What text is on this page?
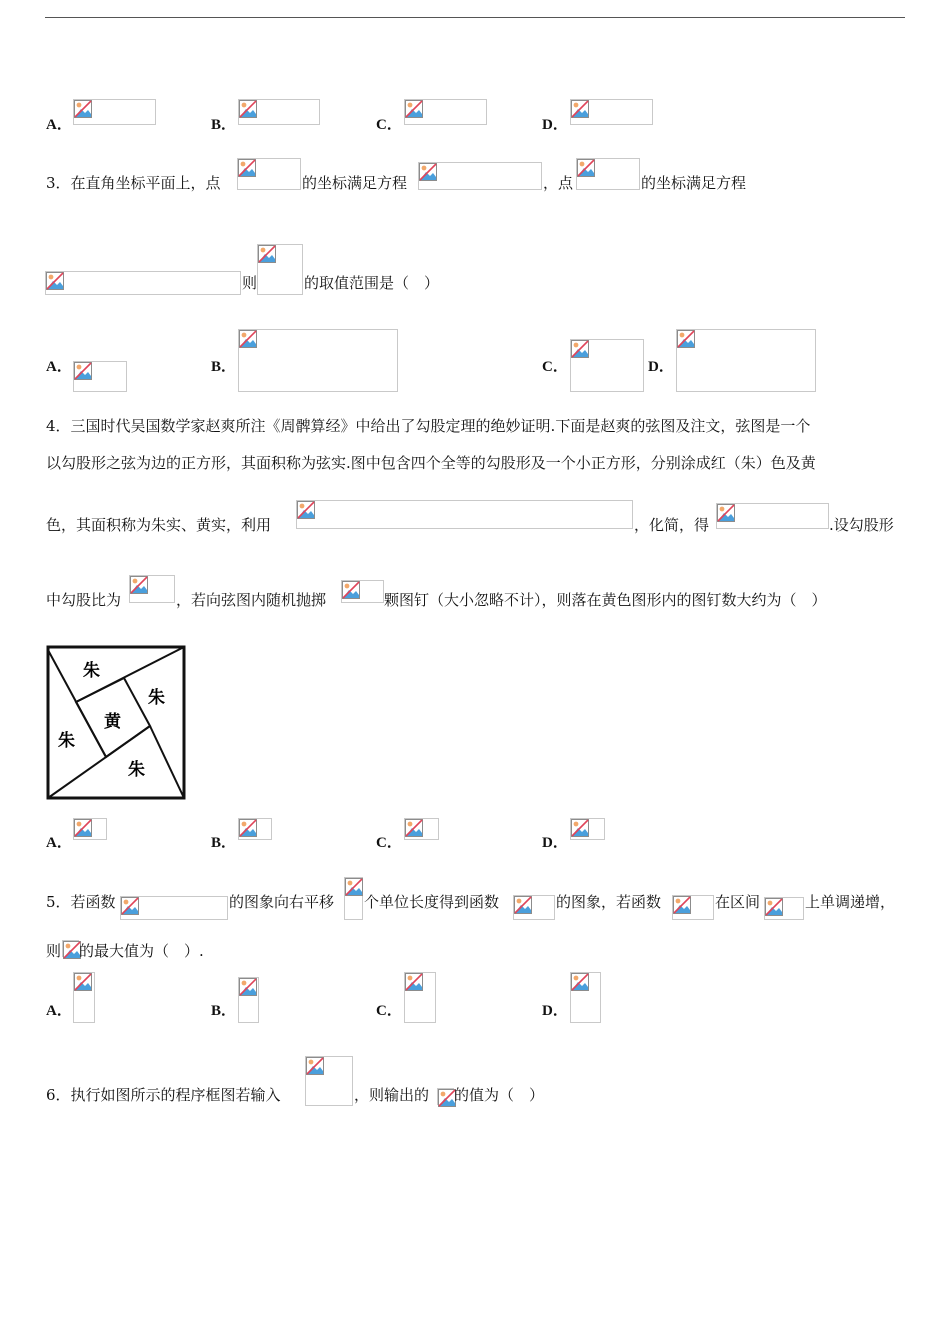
A．	B．	C．	D．
3．在直角坐标平面上，点	的坐标满足方程	，点	的坐标满足方程
则	的取值范围是（　）
A．	B．	C．	D．
4．三国时代吴国数学家赵爽所注《周髀算经》中给出了勾股定理的绝妙证明.下面是赵爽的弦图及注文，弦图是一个
以勾股形之弦为边的正方形，其面积称为弦实.图中包含四个全等的勾股形及一个小正方形，分别涂成红（朱）色及黄
色，其面积称为朱实、黄实，利用	，化简，得	.设勾股形
中勾股比为	，若向弦图内随机抛掷	颗图钉（大小忽略不计），则落在黄色图形内的图钉数大约为（　）
朱
朱
黄
朱
朱
A．	B．	C．	D．
5．若函数	的图象向右平移 个单位长度得到函数	的图象，若函数	在区间	上单调递增，
则 的最大值为（　）.
A．	B．	C．	D．
6．执行如图所示的程序框图若输入	，则输出的 的值为（　）
